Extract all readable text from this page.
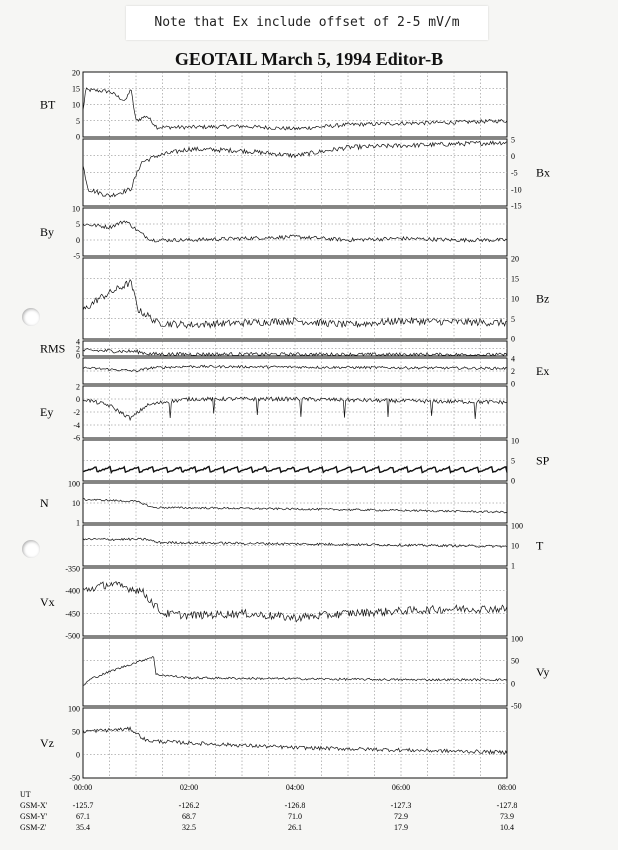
Note that Ex include offset of 2-5 mV/m
GEOTAIL March 5, 1994 Editor-B
20
15
10
5
0
BT
5
0
-5
-10
-15
Bx
10
5
0
-5
By
20
15
10
5
0
Bz
4
2
0
RMS
4
2
0
Ex
2
0
-2
-4
-6
Ey
10
5
0
SP
100
10
1
N
100
10
1
T
-350
-400
-450
-500
Vx
100
50
0
-50
Vy
100
50
0
-50
Vz
UT
GSM-X'
GSM-Y'
GSM-Z'
00:00
-125.7
67.1
35.4
02:00
-126.2
68.7
32.5
04:00
-126.8
71.0
26.1
06:00
-127.3
72.9
17.9
08:00
-127.8
73.9
10.4
